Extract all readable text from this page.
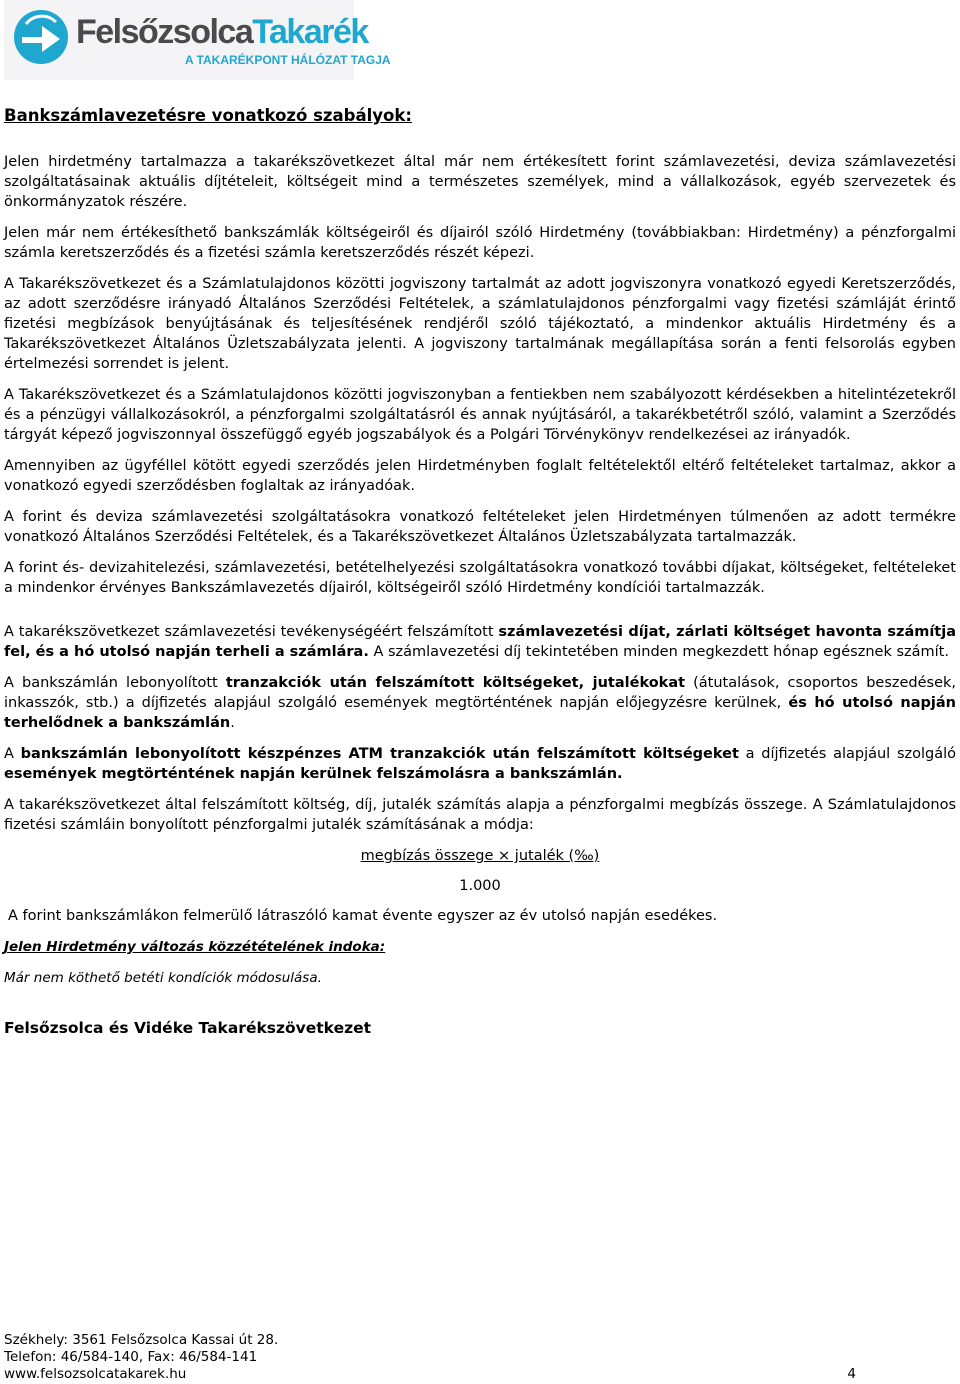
FelsőzsolcaTakarék
A TAKARÉKPONT HÁLÓZAT TAGJA

Bankszámlavezetésre vonatkozó szabályok:

Jelen hirdetmény tartalmazza a takarékszövetkezet által már nem értékesített forint számlavezetési, deviza számlavezetési szolgáltatásainak aktuális díjtételeit, költségeit mind a természetes személyek, mind a vállalkozások, egyéb szervezetek és önkormányzatok részére.

Jelen már nem értékesíthető bankszámlák költségeiről és díjairól szóló Hirdetmény (továbbiakban: Hirdetmény) a pénzforgalmi számla keretszerződés és a fizetési számla keretszerződés részét képezi.

A Takarékszövetkezet és a Számlatulajdonos közötti jogviszony tartalmát az adott jogviszonyra vonatkozó egyedi Keretszerződés, az adott szerződésre irányadó Általános Szerződési Feltételek, a számlatulajdonos pénzforgalmi vagy fizetési számláját érintő fizetési megbízások benyújtásának és teljesítésének rendjéről szóló tájékoztató, a mindenkor aktuális Hirdetmény és a Takarékszövetkezet Általános Üzletszabályzata jelenti. A jogviszony tartalmának megállapítása során a fenti felsorolás egyben értelmezési sorrendet is jelent.

A Takarékszövetkezet és a Számlatulajdonos közötti jogviszonyban a fentiekben nem szabályozott kérdésekben a hitelintézetekről és a pénzügyi vállalkozásokról, a pénzforgalmi szolgáltatásról és annak nyújtásáról, a takarékbetétről szóló, valamint a Szerződés tárgyát képező jogviszonnyal összefüggő egyéb jogszabályok és a Polgári Törvénykönyv rendelkezései az irányadók.

Amennyiben az ügyféllel kötött egyedi szerződés jelen Hirdetményben foglalt feltételektől eltérő feltételeket tartalmaz, akkor a vonatkozó egyedi szerződésben foglaltak az irányadóak.

A forint és deviza számlavezetési szolgáltatásokra vonatkozó feltételeket jelen Hirdetményen túlmenően az adott termékre vonatkozó Általános Szerződési Feltételek, és a Takarékszövetkezet Általános Üzletszabályzata tartalmazzák.

A forint és- devizahitelezési, számlavezetési, betételhelyezési szolgáltatásokra vonatkozó további díjakat, költségeket, feltételeket a mindenkor érvényes Bankszámlavezetés díjairól, költségeiről szóló Hirdetmény kondíciói tartalmazzák.

A takarékszövetkezet számlavezetési tevékenységéért felszámított számlavezetési díjat, zárlati költséget havonta számítja fel, és a hó utolsó napján terheli a számlára. A számlavezetési díj tekintetében minden megkezdett hónap egésznek számít.

A bankszámlán lebonyolított tranzakciók után felszámított költségeket, jutalékokat (átutalások, csoportos beszedések, inkasszók, stb.) a díjfizetés alapjául szolgáló események megtörténtének napján előjegyzésre kerülnek, és hó utolsó napján terhelődnek a bankszámlán.

A bankszámlán lebonyolított készpénzes ATM tranzakciók után felszámított költségeket a díjfizetés alapjául szolgáló események megtörténtének napján kerülnek felszámolásra a bankszámlán.

A takarékszövetkezet által felszámított költség, díj, jutalék számítás alapja a pénzforgalmi megbízás összege. A Számlatulajdonos fizetési számláin bonyolított pénzforgalmi jutalék számításának a módja:

megbízás összege × jutalék (‰)
1.000

A forint bankszámlákon felmerülő látraszóló kamat évente egyszer az év utolsó napján esedékes.

Jelen Hirdetmény változás közzétételének indoka:

Már nem köthető betéti kondíciók módosulása.

Felsőzsolca és Vidéke Takarékszövetkezet

Székhely: 3561 Felsőzsolca Kassai út 28.
Telefon: 46/584-140, Fax: 46/584-141
www.felsozsolcatakarek.hu	4
